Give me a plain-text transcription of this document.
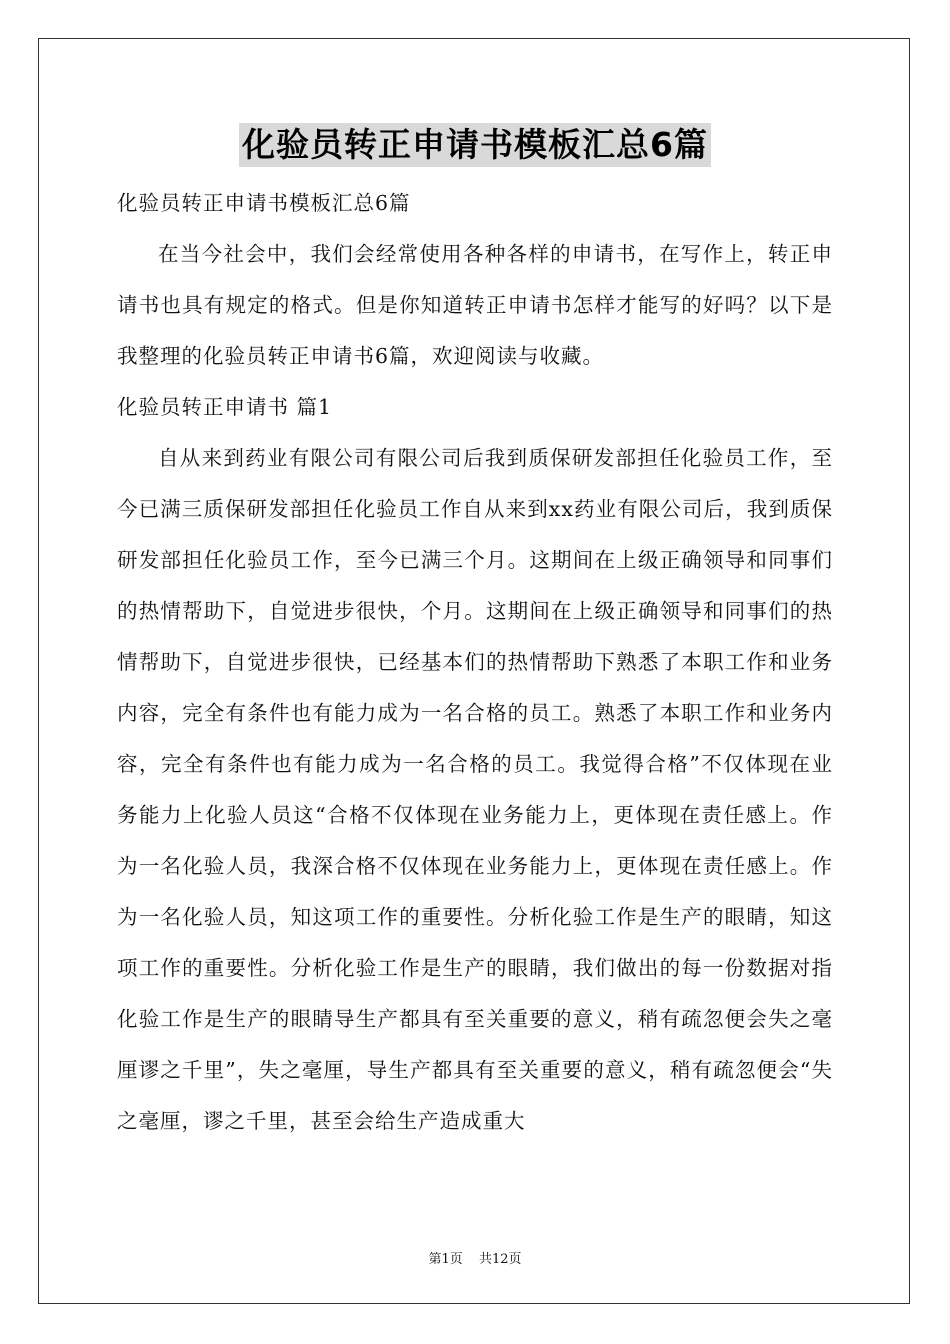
化验员转正申请书模板汇总6篇

化验员转正申请书模板汇总6篇

在当今社会中，我们会经常使用各种各样的申请书，在写作上，转正申请书也具有规定的格式。但是你知道转正申请书怎样才能写的好吗？以下是我整理的化验员转正申请书6篇，欢迎阅读与收藏。

化验员转正申请书 篇1

自从来到药业有限公司有限公司后我到质保研发部担任化验员工作，至今已满三质保研发部担任化验员工作自从来到xx药业有限公司后，我到质保研发部担任化验员工作，至今已满三个月。这期间在上级正确领导和同事们的热情帮助下，自觉进步很快，个月。这期间在上级正确领导和同事们的热情帮助下，自觉进步很快，已经基本们的热情帮助下熟悉了本职工作和业务内容，完全有条件也有能力成为一名合格的员工。熟悉了本职工作和业务内容，完全有条件也有能力成为一名合格的员工。我觉得合格”不仅体现在业务能力上化验人员这“合格不仅体现在业务能力上，更体现在责任感上。作为一名化验人员，我深合格不仅体现在业务能力上，更体现在责任感上。作为一名化验人员，知这项工作的重要性。分析化验工作是生产的眼睛，知这项工作的重要性。分析化验工作是生产的眼睛，我们做出的每一份数据对指化验工作是生产的眼睛导生产都具有至关重要的意义，稍有疏忽便会失之毫厘谬之千里”，失之毫厘，导生产都具有至关重要的意义，稍有疏忽便会“失之毫厘，谬之千里，甚至会给生产造成重大

第1页 共12页
